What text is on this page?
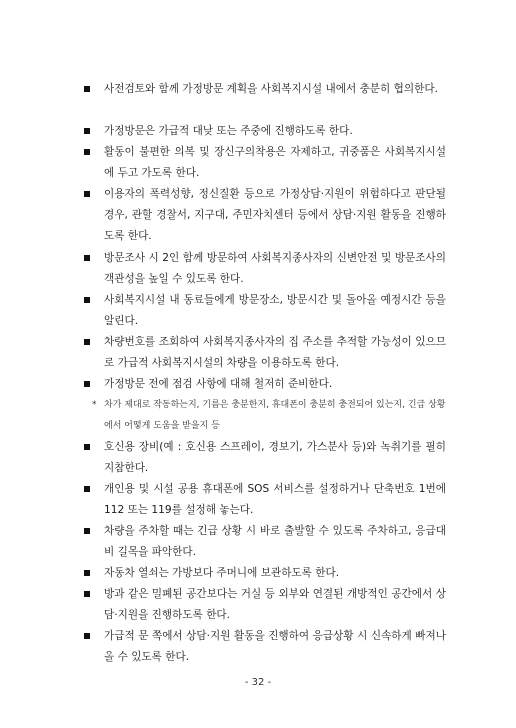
사전검토와 함께 가정방문 계획을 사회복지시설 내에서 충분히 협의한다.
가정방문은 가급적 대낮 또는 주중에 진행하도록 한다.
활동이 불편한 의복 및 장신구의착용은 자제하고, 귀중품은 사회복지시설에 두고 가도록 한다.
이용자의 폭력성향, 정신질환 등으로 가정상담·지원이 위험하다고 판단될 경우, 관할 경찰서, 지구대, 주민자치센터 등에서 상담·지원 활동을 진행하도록 한다.
방문조사 시 2인 함께 방문하여 사회복지종사자의 신변안전 및 방문조사의 객관성을 높일 수 있도록 한다.
사회복지시설 내 동료들에게 방문장소, 방문시간 및 돌아올 예정시간 등을 알린다.
차량번호를 조회하여 사회복지종사자의 집 주소를 추적할 가능성이 있으므로 가급적 사회복지시설의 차량을 이용하도록 한다.
가정방문 전에 점검 사항에 대해 철저히 준비한다.
* 차가 제대로 작동하는지, 기름은 충분한지, 휴대폰이 충분히 충전되어 있는지, 긴급 상황에서 어떻게 도움을 받을지 등
호신용 장비(예 : 호신용 스프레이, 경보기, 가스분사 등)와 녹취기를 필히 지참한다.
개인용 및 시설 공용 휴대폰에 SOS 서비스를 설정하거나 단축번호 1번에 112 또는 119를 설정해 놓는다.
차량을 주차할 때는 긴급 상황 시 바로 출발할 수 있도록 주차하고, 응급대비 길목을 파악한다.
자동차 열쇠는 가방보다 주머니에 보관하도록 한다.
방과 같은 밀폐된 공간보다는 거실 등 외부와 연결된 개방적인 공간에서 상담·지원을 진행하도록 한다.
가급적 문 쪽에서 상담·지원 활동을 진행하여 응급상황 시 신속하게 빠져나올 수 있도록 한다.
- 32 -
